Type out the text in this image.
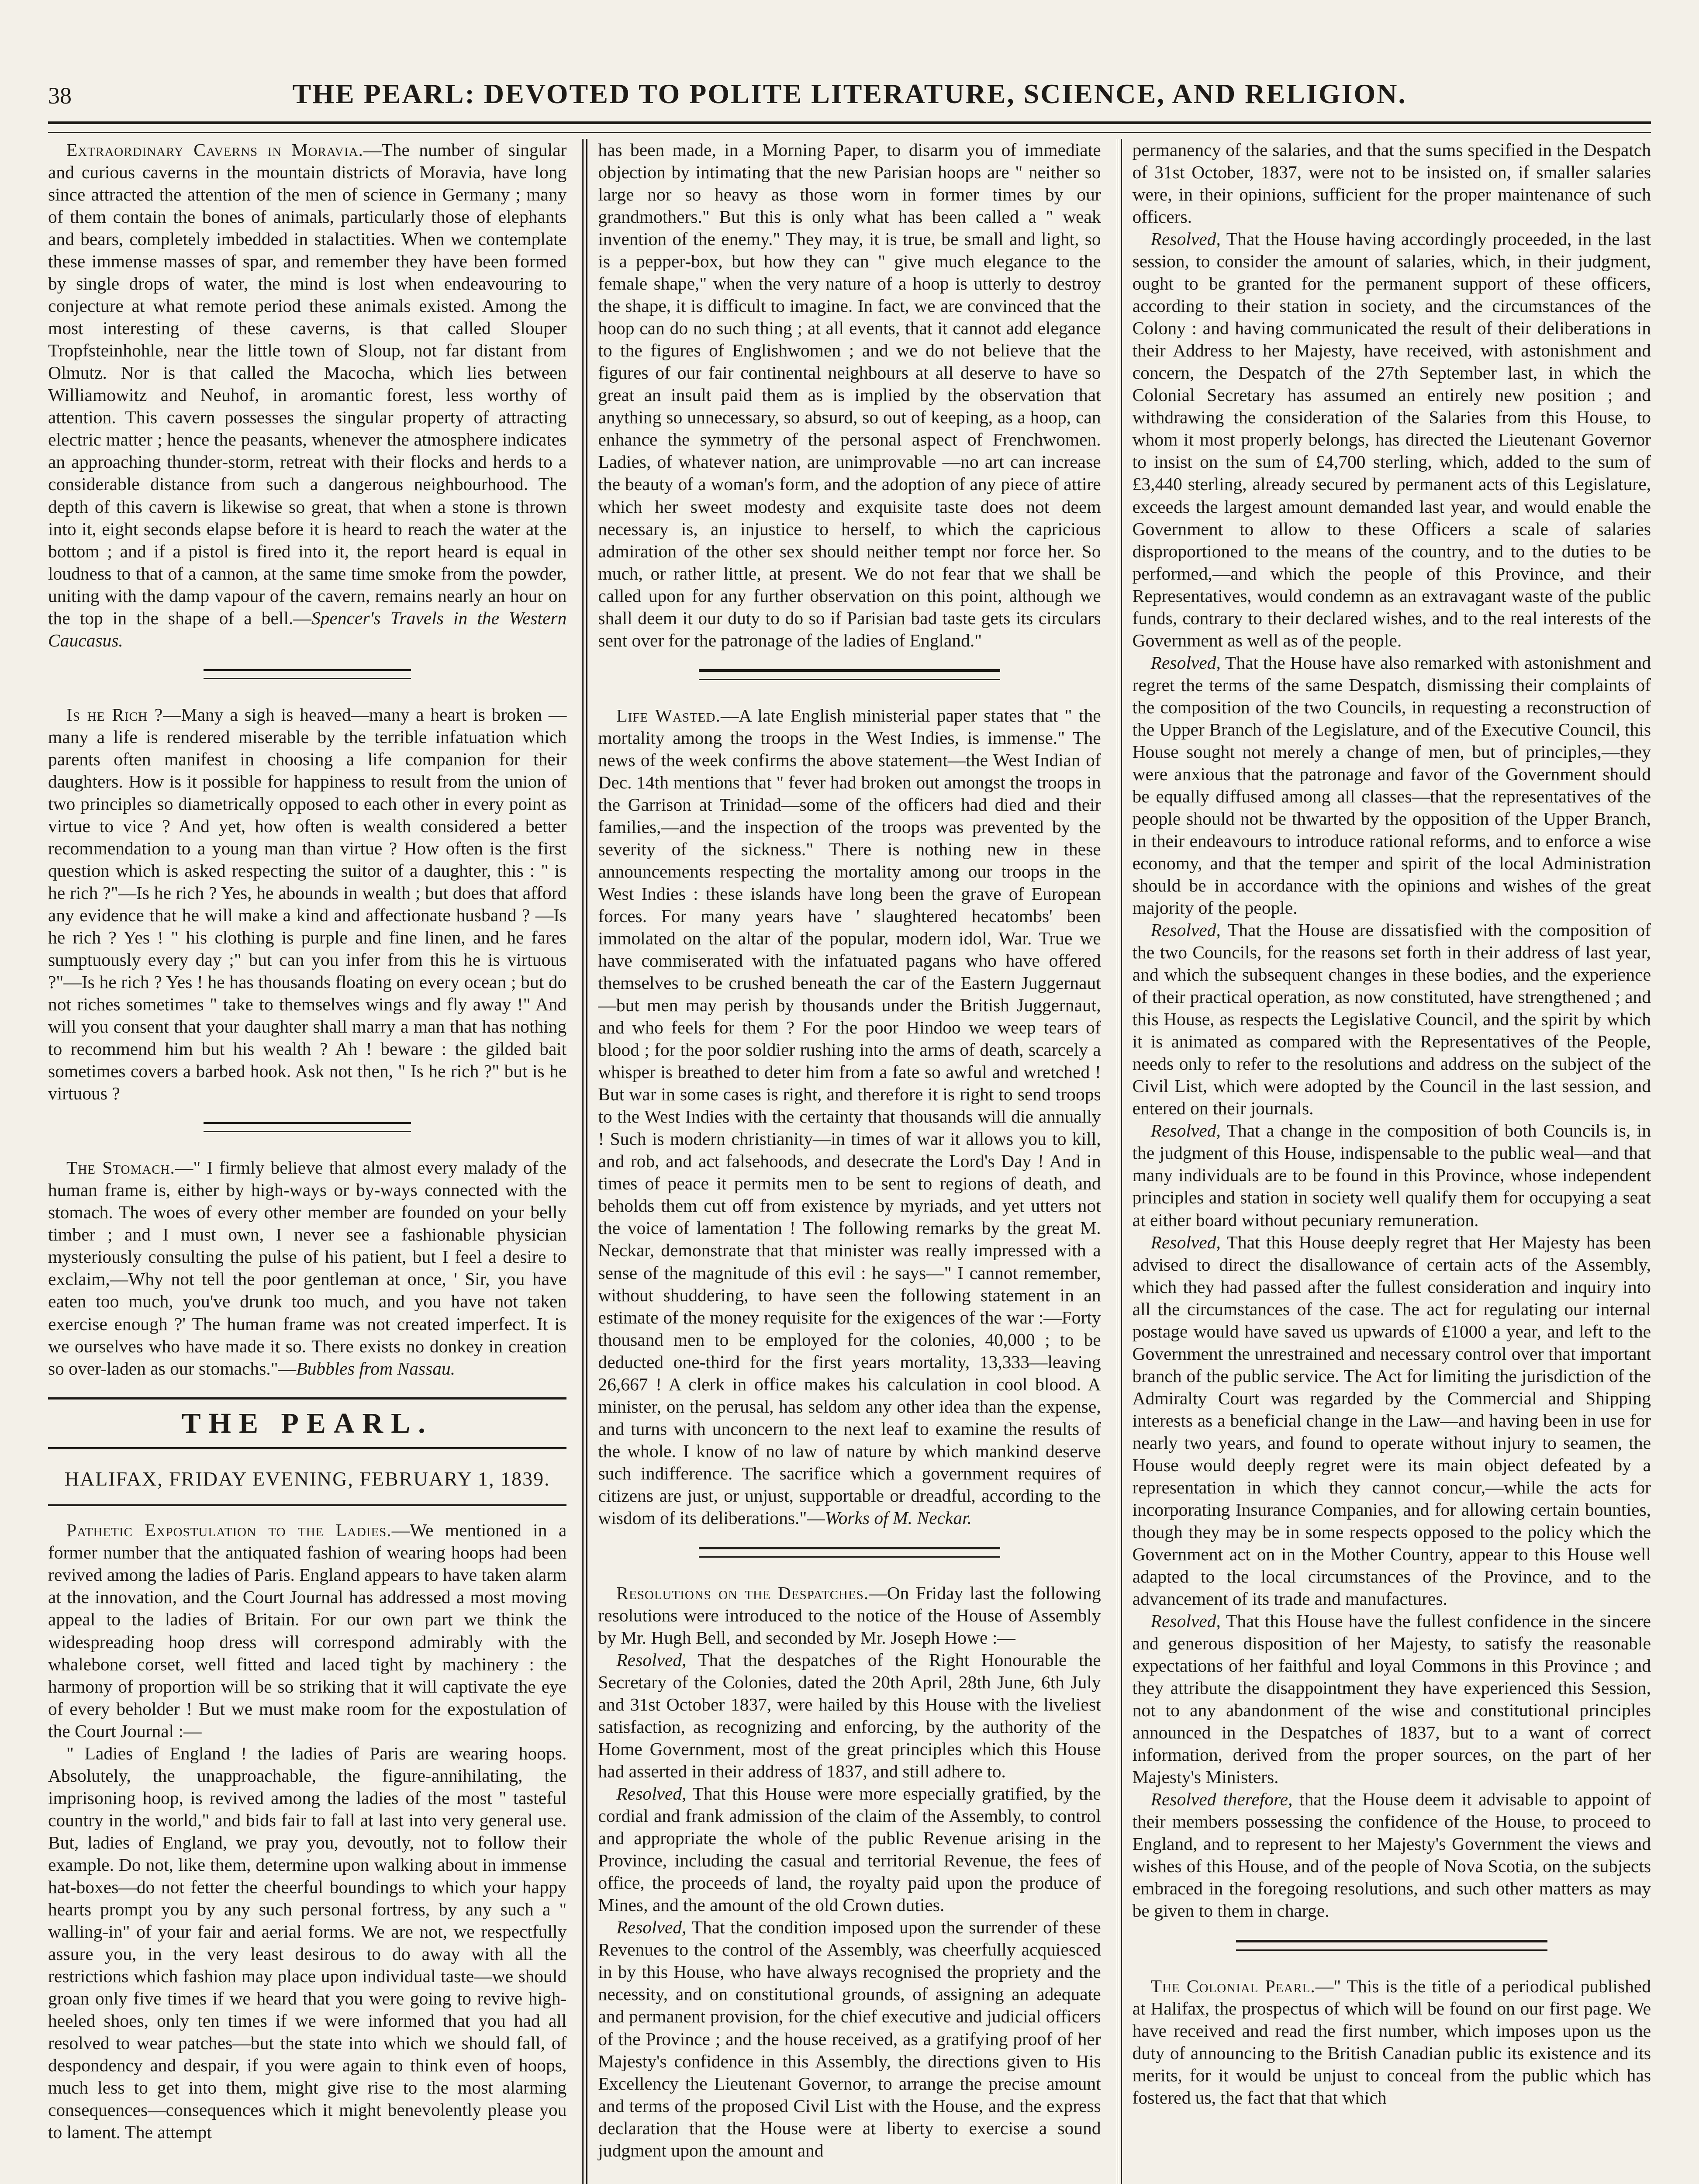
38	THE PEARL: DEVOTED TO POLITE LITERATURE, SCIENCE, AND RELIGION.

Extraordinary Caverns in Moravia.—The number of singular and curious caverns in the mountain districts of Moravia, have long since attracted the attention of the men of science in Germany ; many of them contain the bones of animals, particularly those of elephants and bears, completely imbedded in stalactities. When we contemplate these immense masses of spar, and remember they have been formed by single drops of water, the mind is lost when endeavouring to conjecture at what remote period these animals existed. Among the most interesting of these caverns, is that called Slouper Tropfsteinhohle, near the little town of Sloup, not far distant from Olmutz. Nor is that called the Macocha, which lies between Williamowitz and Neuhof, in aromantic forest, less worthy of attention. This cavern possesses the singular property of attracting electric matter ; hence the peasants, whenever the atmosphere indicates an approaching thunder-storm, retreat with their flocks and herds to a considerable distance from such a dangerous neighbourhood. The depth of this cavern is likewise so great, that when a stone is thrown into it, eight seconds elapse before it is heard to reach the water at the bottom ; and if a pistol is fired into it, the report heard is equal in loudness to that of a cannon, at the same time smoke from the powder, uniting with the damp vapour of the cavern, remains nearly an hour on the top in the shape of a bell.—Spencer's Travels in the Western Caucasus.

Is he Rich ?—Many a sigh is heaved—many a heart is broken —many a life is rendered miserable by the terrible infatuation which parents often manifest in choosing a life companion for their daughters. How is it possible for happiness to result from the union of two principles so diametrically opposed to each other in every point as virtue to vice ? And yet, how often is wealth considered a better recommendation to a young man than virtue ? How often is the first question which is asked respecting the suitor of a daughter, this : " is he rich ?"—Is he rich ? Yes, he abounds in wealth ; but does that afford any evidence that he will make a kind and affectionate husband ? —Is he rich ? Yes ! " his clothing is purple and fine linen, and he fares sumptuously every day ;" but can you infer from this he is virtuous ?"—Is he rich ? Yes ! he has thousands floating on every ocean ; but do not riches sometimes " take to themselves wings and fly away !" And will you consent that your daughter shall marry a man that has nothing to recommend him but his wealth ? Ah ! beware : the gilded bait sometimes covers a barbed hook. Ask not then, " Is he rich ?" but is he virtuous ?

The Stomach.—" I firmly believe that almost every malady of the human frame is, either by high-ways or by-ways connected with the stomach. The woes of every other member are founded on your belly timber ; and I must own, I never see a fashionable physician mysteriously consulting the pulse of his patient, but I feel a desire to exclaim,—Why not tell the poor gentleman at once, ' Sir, you have eaten too much, you've drunk too much, and you have not taken exercise enough ?' The human frame was not created imperfect. It is we ourselves who have made it so. There exists no donkey in creation so over-laden as our stomachs."—Bubbles from Nassau.

THE PEARL.
HALIFAX, FRIDAY EVENING, FEBRUARY 1, 1839.

Pathetic Expostulation to the Ladies.—We mentioned in a former number that the antiquated fashion of wearing hoops had been revived among the ladies of Paris. England appears to have taken alarm at the innovation, and the Court Journal has addressed a most moving appeal to the ladies of Britain. For our own part we think the widespreading hoop dress will correspond admirably with the whalebone corset, well fitted and laced tight by machinery : the harmony of proportion will be so striking that it will captivate the eye of every beholder ! But we must make room for the expostulation of the Court Journal :—

" Ladies of England ! the ladies of Paris are wearing hoops. Absolutely, the unapproachable, the figure-annihilating, the imprisoning hoop, is revived among the ladies of the most " tasteful country in the world," and bids fair to fall at last into very general use. But, ladies of England, we pray you, devoutly, not to follow their example. Do not, like them, determine upon walking about in immense hat-boxes—do not fetter the cheerful boundings to which your happy hearts prompt you by any such personal fortress, by any such a " walling-in" of your fair and aerial forms. We are not, we respectfully assure you, in the very least desirous to do away with all the restrictions which fashion may place upon individual taste—we should groan only five times if we heard that you were going to revive high-heeled shoes, only ten times if we were informed that you had all resolved to wear patches—but the state into which we should fall, of despondency and despair, if you were again to think even of hoops, much less to get into them, might give rise to the most alarming consequences—consequences which it might benevolently please you to lament. The attempt

has been made, in a Morning Paper, to disarm you of immediate objection by intimating that the new Parisian hoops are " neither so large nor so heavy as those worn in former times by our grandmothers." But this is only what has been called a " weak invention of the enemy." They may, it is true, be small and light, so is a pepper-box, but how they can " give much elegance to the female shape," when the very nature of a hoop is utterly to destroy the shape, it is difficult to imagine. In fact, we are convinced that the hoop can do no such thing ; at all events, that it cannot add elegance to the figures of Englishwomen ; and we do not believe that the figures of our fair continental neighbours at all deserve to have so great an insult paid them as is implied by the observation that anything so unnecessary, so absurd, so out of keeping, as a hoop, can enhance the symmetry of the personal aspect of Frenchwomen. Ladies, of whatever nation, are unimprovable —no art can increase the beauty of a woman's form, and the adoption of any piece of attire which her sweet modesty and exquisite taste does not deem necessary is, an injustice to herself, to which the capricious admiration of the other sex should neither tempt nor force her. So much, or rather little, at present. We do not fear that we shall be called upon for any further observation on this point, although we shall deem it our duty to do so if Parisian bad taste gets its circulars sent over for the patronage of the ladies of England."

Life Wasted.—A late English ministerial paper states that " the mortality among the troops in the West Indies, is immense." The news of the week confirms the above statement—the West Indian of Dec. 14th mentions that " fever had broken out amongst the troops in the Garrison at Trinidad—some of the officers had died and their families,—and the inspection of the troops was prevented by the severity of the sickness." There is nothing new in these announcements respecting the mortality among our troops in the West Indies : these islands have long been the grave of European forces. For many years have ' slaughtered hecatombs' been immolated on the altar of the popular, modern idol, War. True we have commiserated with the infatuated pagans who have offered themselves to be crushed beneath the car of the Eastern Juggernaut—but men may perish by thousands under the British Juggernaut, and who feels for them ? For the poor Hindoo we weep tears of blood ; for the poor soldier rushing into the arms of death, scarcely a whisper is breathed to deter him from a fate so awful and wretched ! But war in some cases is right, and therefore it is right to send troops to the West Indies with the certainty that thousands will die annually ! Such is modern christianity—in times of war it allows you to kill, and rob, and act falsehoods, and desecrate the Lord's Day ! And in times of peace it permits men to be sent to regions of death, and beholds them cut off from existence by myriads, and yet utters not the voice of lamentation ! The following remarks by the great M. Neckar, demonstrate that that minister was really impressed with a sense of the magnitude of this evil : he says—" I cannot remember, without shuddering, to have seen the following statement in an estimate of the money requisite for the exigences of the war :—Forty thousand men to be employed for the colonies, 40,000 ; to be deducted one-third for the first years mortality, 13,333—leaving 26,667 ! A clerk in office makes his calculation in cool blood. A minister, on the perusal, has seldom any other idea than the expense, and turns with unconcern to the next leaf to examine the results of the whole. I know of no law of nature by which mankind deserve such indifference. The sacrifice which a government requires of citizens are just, or unjust, supportable or dreadful, according to the wisdom of its deliberations."—Works of M. Neckar.

Resolutions on the Despatches.—On Friday last the following resolutions were introduced to the notice of the House of Assembly by Mr. Hugh Bell, and seconded by Mr. Joseph Howe :—

Resolved, That the despatches of the Right Honourable the Secretary of the Colonies, dated the 20th April, 28th June, 6th July and 31st October 1837, were hailed by this House with the liveliest satisfaction, as recognizing and enforcing, by the authority of the Home Government, most of the great principles which this House had asserted in their address of 1837, and still adhere to.

Resolved, That this House were more especially gratified, by the cordial and frank admission of the claim of the Assembly, to control and appropriate the whole of the public Revenue arising in the Province, including the casual and territorial Revenue, the fees of office, the proceeds of land, the royalty paid upon the produce of Mines, and the amount of the old Crown duties.

Resolved, That the condition imposed upon the surrender of these Revenues to the control of the Assembly, was cheerfully acquiesced in by this House, who have always recognised the propriety and the necessity, and on constitutional grounds, of assigning an adequate and permanent provision, for the chief executive and judicial officers of the Province ; and the house received, as a gratifying proof of her Majesty's confidence in this Assembly, the directions given to His Excellency the Lieutenant Governor, to arrange the precise amount and terms of the proposed Civil List with the House, and the express declaration that the House were at liberty to exercise a sound judgment upon the amount and

permanency of the salaries, and that the sums specified in the Despatch of 31st October, 1837, were not to be insisted on, if smaller salaries were, in their opinions, sufficient for the proper maintenance of such officers.

Resolved, That the House having accordingly proceeded, in the last session, to consider the amount of salaries, which, in their judgment, ought to be granted for the permanent support of these officers, according to their station in society, and the circumstances of the Colony : and having communicated the result of their deliberations in their Address to her Majesty, have received, with astonishment and concern, the Despatch of the 27th September last, in which the Colonial Secretary has assumed an entirely new position ; and withdrawing the consideration of the Salaries from this House, to whom it most properly belongs, has directed the Lieutenant Governor to insist on the sum of £4,700 sterling, which, added to the sum of £3,440 sterling, already secured by permanent acts of this Legislature, exceeds the largest amount demanded last year, and would enable the Government to allow to these Officers a scale of salaries disproportioned to the means of the country, and to the duties to be performed,—and which the people of this Province, and their Representatives, would condemn as an extravagant waste of the public funds, contrary to their declared wishes, and to the real interests of the Government as well as of the people.

Resolved, That the House have also remarked with astonishment and regret the terms of the same Despatch, dismissing their complaints of the composition of the two Councils, in requesting a reconstruction of the Upper Branch of the Legislature, and of the Executive Council, this House sought not merely a change of men, but of principles,—they were anxious that the patronage and favor of the Government should be equally diffused among all classes—that the representatives of the people should not be thwarted by the opposition of the Upper Branch, in their endeavours to introduce rational reforms, and to enforce a wise economy, and that the temper and spirit of the local Administration should be in accordance with the opinions and wishes of the great majority of the people.

Resolved, That the House are dissatisfied with the composition of the two Councils, for the reasons set forth in their address of last year, and which the subsequent changes in these bodies, and the experience of their practical operation, as now constituted, have strengthened ; and this House, as respects the Legislative Council, and the spirit by which it is animated as compared with the Representatives of the People, needs only to refer to the resolutions and address on the subject of the Civil List, which were adopted by the Council in the last session, and entered on their journals.

Resolved, That a change in the composition of both Councils is, in the judgment of this House, indispensable to the public weal—and that many individuals are to be found in this Province, whose independent principles and station in society well qualify them for occupying a seat at either board without pecuniary remuneration.

Resolved, That this House deeply regret that Her Majesty has been advised to direct the disallowance of certain acts of the Assembly, which they had passed after the fullest consideration and inquiry into all the circumstances of the case. The act for regulating our internal postage would have saved us upwards of £1000 a year, and left to the Government the unrestrained and necessary control over that important branch of the public service. The Act for limiting the jurisdiction of the Admiralty Court was regarded by the Commercial and Shipping interests as a beneficial change in the Law—and having been in use for nearly two years, and found to operate without injury to seamen, the House would deeply regret were its main object defeated by a representation in which they cannot concur,—while the acts for incorporating Insurance Companies, and for allowing certain bounties, though they may be in some respects opposed to the policy which the Government act on in the Mother Country, appear to this House well adapted to the local circumstances of the Province, and to the advancement of its trade and manufactures.

Resolved, That this House have the fullest confidence in the sincere and generous disposition of her Majesty, to satisfy the reasonable expectations of her faithful and loyal Commons in this Province ; and they attribute the disappointment they have experienced this Session, not to any abandonment of the wise and constitutional principles announced in the Despatches of 1837, but to a want of correct information, derived from the proper sources, on the part of her Majesty's Ministers.

Resolved therefore, that the House deem it advisable to appoint of their members possessing the confidence of the House, to proceed to England, and to represent to her Majesty's Government the views and wishes of this House, and of the people of Nova Scotia, on the subjects embraced in the foregoing resolutions, and such other matters as may be given to them in charge.

The Colonial Pearl.—" This is the title of a periodical published at Halifax, the prospectus of which will be found on our first page. We have received and read the first number, which imposes upon us the duty of announcing to the British Canadian public its existence and its merits, for it would be unjust to conceal from the public which has fostered us, the fact that that which
